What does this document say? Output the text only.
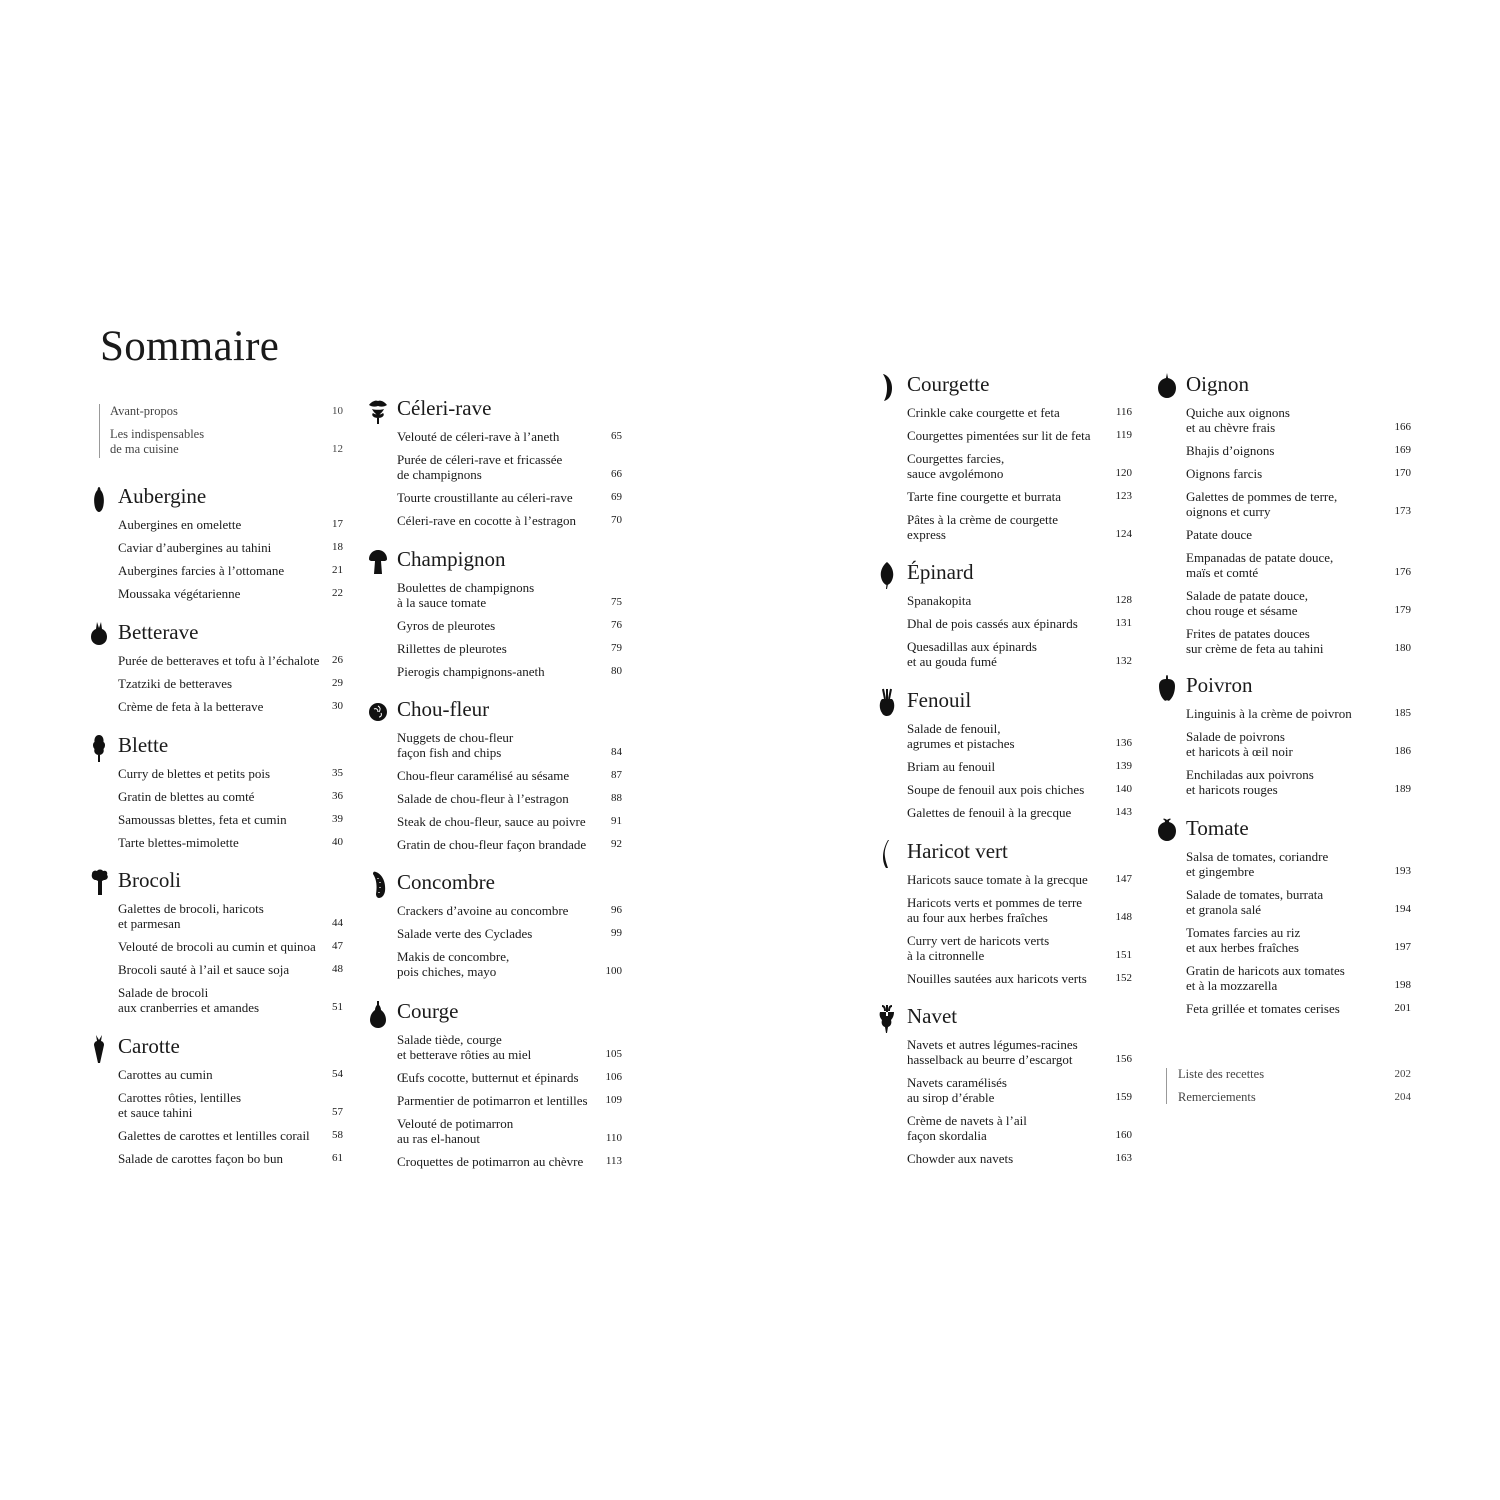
Sommaire
Aubergine
Aubergines en omelette	17
Caviar d’aubergines au tahini	18
Aubergines farcies à l’ottomane	21
Moussaka végétarienne	22
Betterave
Purée de betteraves et tofu à l’échalote 26
Tzatziki de betteraves	29
Crème de feta à la betterave	30
Blette
Curry de blettes et petits pois	35
Gratin de blettes au comté	36
Samoussas blettes, feta et cumin	39
Tarte blettes-mimolette	40
Brocoli
Galettes de brocoli, haricots
et parmesan	44
Velouté de brocoli au cumin et quinoa 47
Brocoli sauté à l’ail et sauce soja	48
Salade de brocoli
aux cranberries et amandes	51
Carotte
Carottes au cumin	54
Carottes rôties, lentilles
et sauce tahini	57
Galettes de carottes et lentilles corail 58
Salade de carottes façon bo bun	61
Céleri-rave
Velouté de céleri-rave à l’aneth	65
Purée de céleri-rave et fricassée
de champignons	66
Tourte croustillante au céleri-rave	69
Céleri-rave en cocotte à l’estragon	70
Champignon
Boulettes de champignons
à la sauce tomate	75
Gyros de pleurotes	76
Rillettes de pleurotes	79
Pierogis champignons-aneth	80
Chou-fleur
Nuggets de chou-fleur
façon fish and chips	84
Chou-fleur caramélisé au sésame	87
Salade de chou-fleur à l’estragon	88
Steak de chou-fleur, sauce au poivre 91
Gratin de chou-fleur façon brandade 92
Concombre
Crackers d’avoine au concombre	96
Salade verte des Cyclades	99
Makis de concombre,
pois chiches, mayo	100
Courge
Salade tiède, courge
et betterave rôties au miel	105
Œufs cocotte, butternut et épinards 106
Parmentier de potimarron et lentilles 109
Velouté de potimarron
au ras el-hanout	110
Croquettes de potimarron au chèvre 113
Courgette
Crinkle cake courgette et feta	116
Courgettes pimentées sur lit de feta 119
Courgettes farcies,
sauce avgolémono	120
Tarte fine courgette et burrata	123
Pâtes à la crème de courgette
express	124
Épinard
Spanakopita	128
Dhal de pois cassés aux épinards	131
Quesadillas aux épinards
et au gouda fumé	132
Fenouil
Salade de fenouil,
agrumes et pistaches	136
Briam au fenouil	139
Soupe de fenouil aux pois chiches	140
Galettes de fenouil à la grecque	143
Haricot vert
Haricots sauce tomate à la grecque	147
Haricots verts et pommes de terre
au four aux herbes fraîches	148
Curry vert de haricots verts
à la citronnelle	151
Nouilles sautées aux haricots verts	152
Navet
Navets et autres légumes-racines
hasselback au beurre d’escargot	156
Navets caramélisés
au sirop d’érable	159
Crème de navets à l’ail
façon skordalia	160
Chowder aux navets	163
Oignon
Quiche aux oignons
et au chèvre frais	166
Bhajis d’oignons	169
Oignons farcis	170
Galettes de pommes de terre,
oignons et curry	173
Patate douce
Empanadas de patate douce,
maïs et comté	176
Salade de patate douce,
chou rouge et sésame	179
Frites de patates douces
sur crème de feta au tahini	180
Poivron
Linguinis à la crème de poivron	185
Salade de poivrons
et haricots à œil noir	186
Enchiladas aux poivrons
et haricots rouges	189
Tomate
Salsa de tomates, coriandre
et gingembre	193
Salade de tomates, burrata
et granola salé	194
Tomates farcies au riz
et aux herbes fraîches	197
Gratin de haricots aux tomates
et à la mozzarella	198
Feta grillée et tomates cerises	201
Avant-propos	10
Les indispensables
de ma cuisine	12
Liste des recettes	202
Remerciements	204
